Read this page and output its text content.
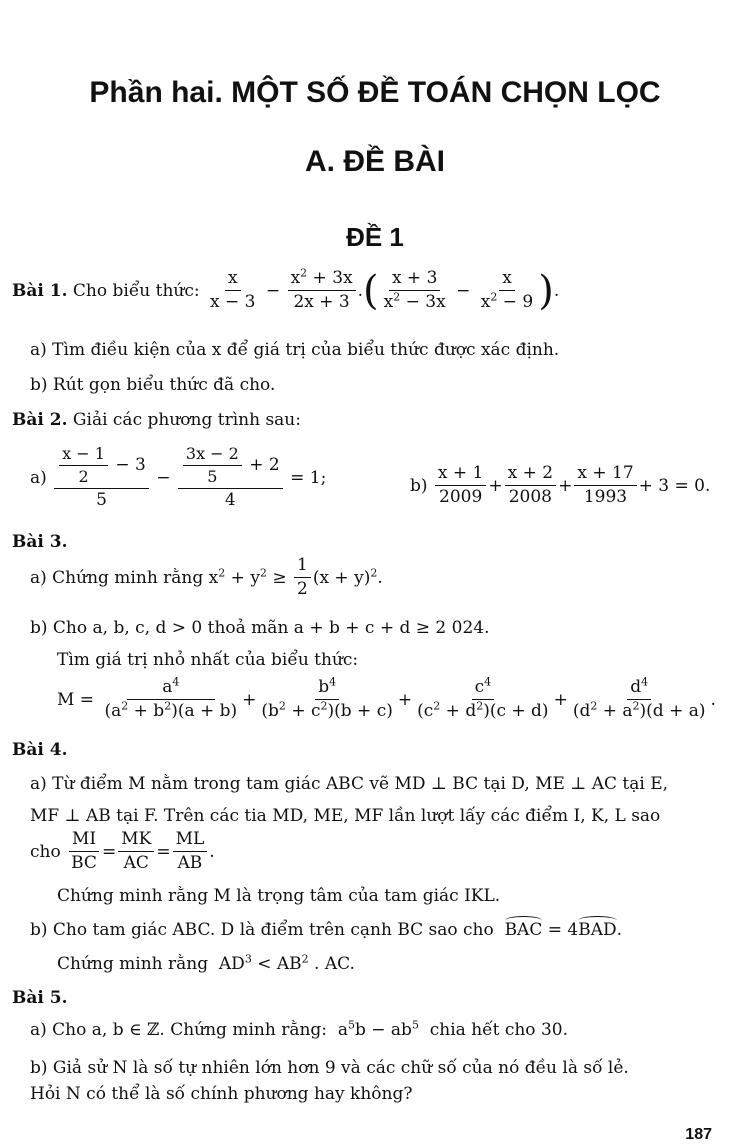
Phần hai. MỘT SỐ ĐỀ TOÁN CHỌN LỌC
A. ĐỀ BÀI
ĐỀ 1
Bài 1.
Cho biểu thức:
$\frac{x}{x - 3} - \frac{x^2 + 3x}{2x + 3}$ . ( $\frac{x + 3}{x^2 - 3x} - \frac{x}{x^2 - 9}$ ) .
a) Tìm điều kiện của x để giá trị của biểu thức được xác định.
b) Rút gọn biểu thức đã cho.
Bài 2. Giải các phương trình sau:
$a) \frac{\frac{x - 1}{2} - 3}{5} - \frac{\frac{3x - 2}{5} + 2}{4} = 1$;	$b) \frac{x + 1}{2009} + \frac{x + 2}{2008} + \frac{x + 17}{1993} + 3 = 0$.
Bài 3.
a) Chứng minh rằng $x^2 + y^2 \ge \frac{1}{2} (x + y)^2$.
b) Cho a, b, c, d > 0 thoả mãn a + b + c + d ≥ 2 024.
Tìm giá trị nhỏ nhất của biểu thức:
$M = \frac{a^4}{(a^2 + b^2)(a + b)} + \frac{b^4}{(b^2 + c^2)(b + c)} + \frac{c^4}{(c^2 + d^2)(c + d)} + \frac{d^4}{(d^2 + a^2)(d + a)}$ .
Bài 4.
a) Từ điểm M nằm trong tam giác ABC vẽ MD ⊥ BC tại D, ME ⊥ AC tại E,
MF ⊥ AB tại F. Trên các tia MD, ME, MF lần lượt lấy các điểm I, K, L sao
cho
$\frac{MI}{BC} = \frac{MK}{AC} = \frac{ML}{AB}$ .
Chứng minh rằng M là trọng tâm của tam giác IKL.
b) Cho tam giác ABC. D là điểm trên cạnh BC sao cho BAC = 4BAD.
Chứng minh rằng  $AD^3 < AB^2$ . AC.
Bài 5.
a) Cho a, b ∈ ℤ. Chứng minh rằng:  $a^5b - ab^5$ chia hết cho 30.
b) Giả sử N là số tự nhiên lớn hơn 9 và các chữ số của nó đều là số lẻ.
Hỏi N có thể là số chính phương hay không?
187
